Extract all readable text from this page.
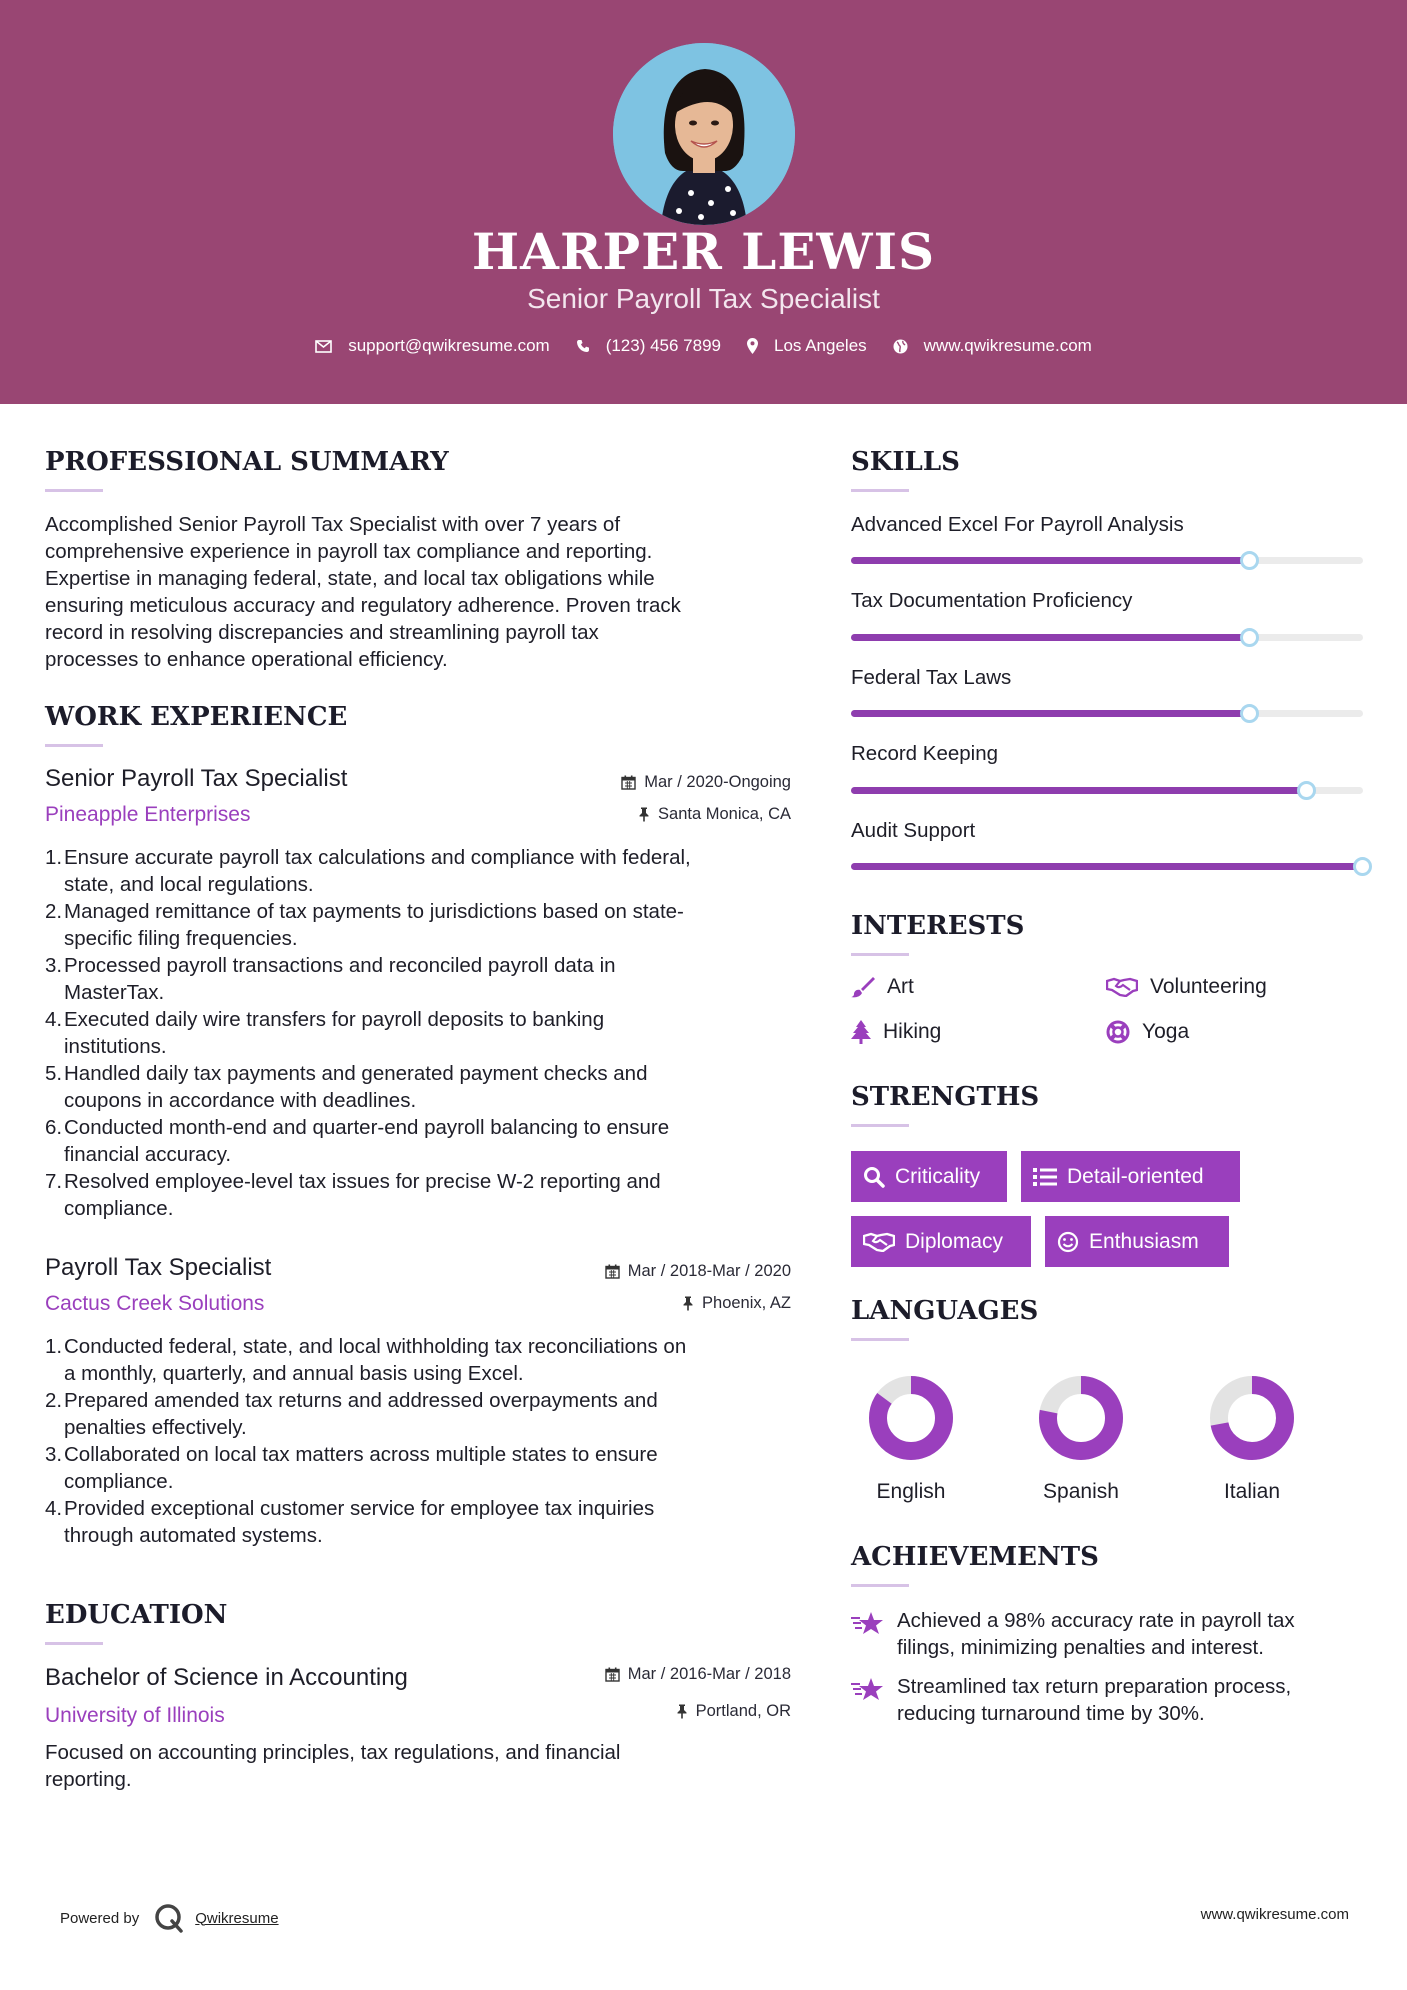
HARPER LEWIS
Senior Payroll Tax Specialist
support@qwikresume.com	(123) 456 7899	Los Angeles	www.qwikresume.com
PROFESSIONAL SUMMARY
Accomplished Senior Payroll Tax Specialist with over 7 years of
comprehensive experience in payroll tax compliance and reporting.
Expertise in managing federal, state, and local tax obligations while
ensuring meticulous accuracy and regulatory adherence. Proven track
record in resolving discrepancies and streamlining payroll tax
processes to enhance operational efficiency.
WORK EXPERIENCE
Senior Payroll Tax Specialist	Mar / 2020-Ongoing
Pineapple Enterprises	Santa Monica, CA
1. Ensure accurate payroll tax calculations and compliance with federal,
state, and local regulations.
2. Managed remittance of tax payments to jurisdictions based on state-
specific filing frequencies.
3. Processed payroll transactions and reconciled payroll data in
MasterTax.
4. Executed daily wire transfers for payroll deposits to banking
institutions.
5. Handled daily tax payments and generated payment checks and
coupons in accordance with deadlines.
6. Conducted month-end and quarter-end payroll balancing to ensure
financial accuracy.
7. Resolved employee-level tax issues for precise W-2 reporting and
compliance.
Payroll Tax Specialist	Mar / 2018-Mar / 2020
Cactus Creek Solutions	Phoenix, AZ
1. Conducted federal, state, and local withholding tax reconciliations on
a monthly, quarterly, and annual basis using Excel.
2. Prepared amended tax returns and addressed overpayments and
penalties effectively.
3. Collaborated on local tax matters across multiple states to ensure
compliance.
4. Provided exceptional customer service for employee tax inquiries
through automated systems.
EDUCATION
Bachelor of Science in Accounting	Mar / 2016-Mar / 2018
University of Illinois	Portland, OR
Focused on accounting principles, tax regulations, and financial
reporting.
SKILLS
Advanced Excel For Payroll Analysis
Tax Documentation Proficiency
Federal Tax Laws
Record Keeping
Audit Support
INTERESTS
Art	Volunteering
Hiking	Yoga
STRENGTHS
Criticality	Detail-oriented
Diplomacy	Enthusiasm
LANGUAGES
English	Spanish	Italian
ACHIEVEMENTS
Achieved a 98% accuracy rate in payroll tax
filings, minimizing penalties and interest.
Streamlined tax return preparation process,
reducing turnaround time by 30%.
Powered by	Qwikresume	www.qwikresume.com
